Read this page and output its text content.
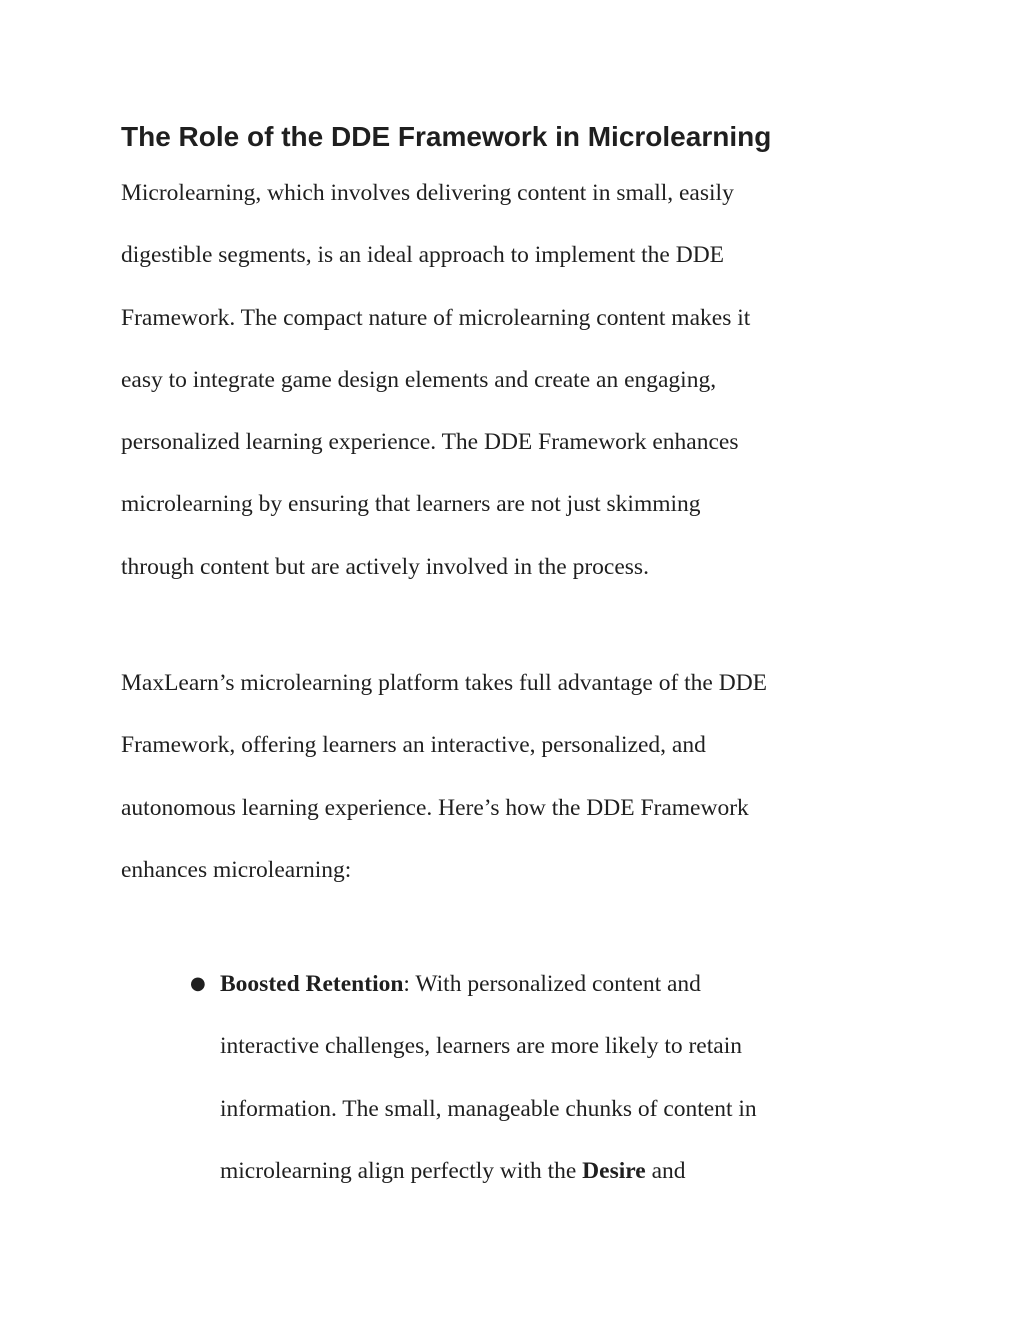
The Role of the DDE Framework in Microlearning

Microlearning, which involves delivering content in small, easily
digestible segments, is an ideal approach to implement the DDE
Framework. The compact nature of microlearning content makes it
easy to integrate game design elements and create an engaging,
personalized learning experience. The DDE Framework enhances
microlearning by ensuring that learners are not just skimming
through content but are actively involved in the process.

MaxLearn’s microlearning platform takes full advantage of the DDE
Framework, offering learners an interactive, personalized, and
autonomous learning experience. Here’s how the DDE Framework
enhances microlearning:

● Boosted Retention: With personalized content and
interactive challenges, learners are more likely to retain
information. The small, manageable chunks of content in
microlearning align perfectly with the Desire and
